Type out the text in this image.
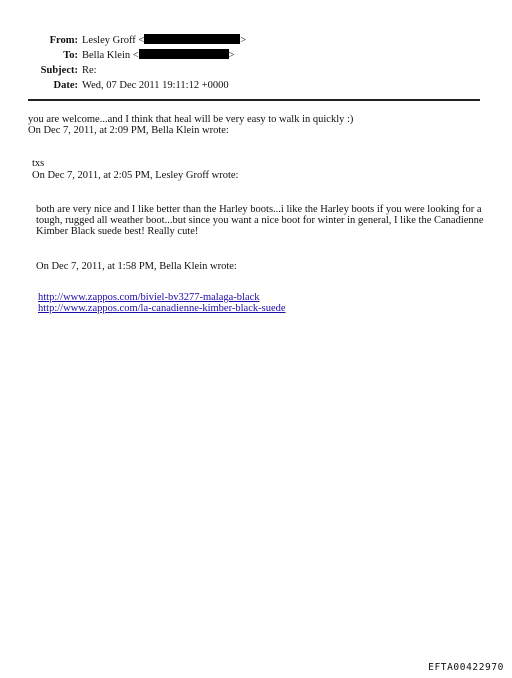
From: Lesley Groff <	>
To: Bella Klein <	>
Subject: Re:
Date: Wed, 07 Dec 2011 19:11:12 +0000
you are welcome...and I think that heal will be very easy to walk in quickly :)
On Dec 7, 2011, at 2:09 PM, Bella Klein wrote:
txs
On Dec 7, 2011, at 2:05 PM, Lesley Groff wrote:
both are very nice and I like better than the Harley boots...i like the Harley boots if you were looking for a
tough, rugged all weather boot...but since you want a nice boot for winter in general, I like the Canadienne
Kimber Black suede best! Really cute!
On Dec 7, 2011, at 1:58 PM, Bella Klein wrote:
http://www.zappos.com/biviel-bv3277-malaga-black
http://www.zappos.com/la-canadienne-kimber-black-suede
EFTA00422970
